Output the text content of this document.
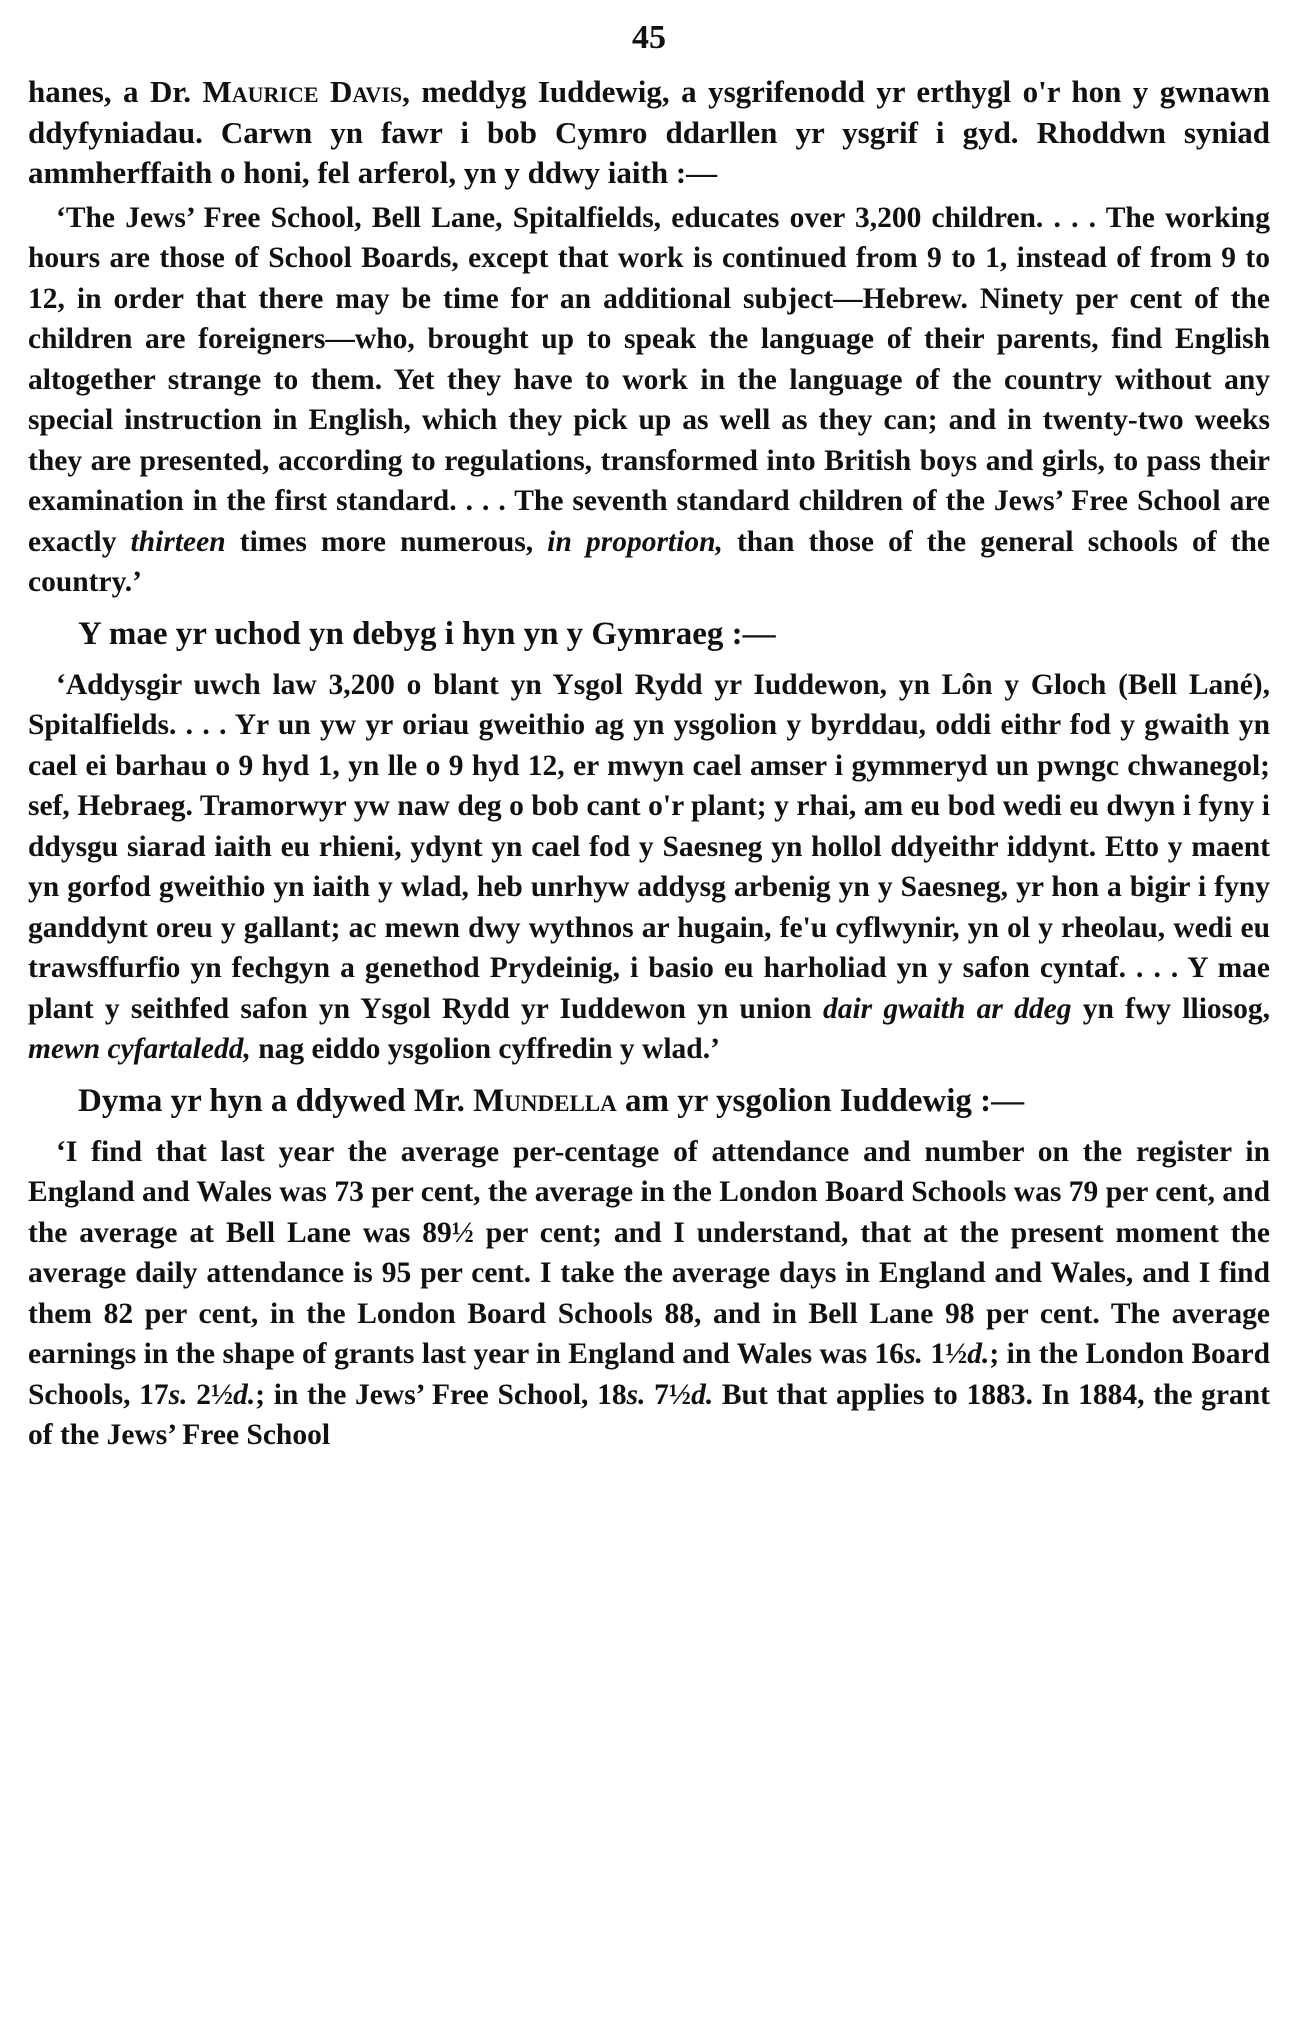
45

hanes, a Dr. Maurice Davis, meddyg Iuddewig, a ysgrifenodd yr erthygl o'r hon y gwnawn ddyfyniadau. Carwn yn fawr i bob Cymro ddarllen yr ysgrif i gyd. Rhoddwn syniad ammherffaith o honi, fel arferol, yn y ddwy iaith :—

‘The Jews’ Free School, Bell Lane, Spitalfields, educates over 3,200 children. . . . The working hours are those of School Boards, except that work is continued from 9 to 1, instead of from 9 to 12, in order that there may be time for an additional subject—Hebrew. Ninety per cent of the children are foreigners—who, brought up to speak the language of their parents, find English altogether strange to them. Yet they have to work in the language of the country without any special instruction in English, which they pick up as well as they can; and in twenty-two weeks they are presented, according to regulations, transformed into British boys and girls, to pass their examination in the first standard. . . . The seventh standard children of the Jews’ Free School are exactly thirteen times more numerous, in proportion, than those of the general schools of the country.’

Y mae yr uchod yn debyg i hyn yn y Gymraeg :—

‘Addysgir uwch law 3,200 o blant yn Ysgol Rydd yr Iuddewon, yn Lôn y Gloch (Bell Lané), Spitalfields. . . . Yr un yw yr oriau gweithio ag yn ysgolion y byrddau, oddi eithr fod y gwaith yn cael ei barhau o 9 hyd 1, yn lle o 9 hyd 12, er mwyn cael amser i gymmeryd un pwngc chwanegol; sef, Hebraeg. Tramorwyr yw naw deg o bob cant o'r plant; y rhai, am eu bod wedi eu dwyn i fyny i ddysgu siarad iaith eu rhieni, ydynt yn cael fod y Saesneg yn hollol ddyeithr iddynt. Etto y maent yn gorfod gweithio yn iaith y wlad, heb unrhyw addysg arbenig yn y Saesneg, yr hon a bigir i fyny ganddynt oreu y gallant; ac mewn dwy wythnos ar hugain, fe'u cyflwynir, yn ol y rheolau, wedi eu trawsffurfio yn fechgyn a genethod Prydeinig, i basio eu harholiad yn y safon cyntaf. . . . Y mae plant y seithfed safon yn Ysgol Rydd yr Iuddewon yn union dair gwaith ar ddeg yn fwy lliosog, mewn cyfartaledd, nag eiddo ysgolion cyffredin y wlad.’

Dyma yr hyn a ddywed Mr. Mundella am yr ysgolion Iuddewig :—

‘I find that last year the average per-centage of attendance and number on the register in England and Wales was 73 per cent, the average in the London Board Schools was 79 per cent, and the average at Bell Lane was 89½ per cent; and I understand, that at the present moment the average daily attendance is 95 per cent. I take the average days in England and Wales, and I find them 82 per cent, in the London Board Schools 88, and in Bell Lane 98 per cent. The average earnings in the shape of grants last year in England and Wales was 16s. 1½d.; in the London Board Schools, 17s. 2½d.; in the Jews’ Free School, 18s. 7½d. But that applies to 1883. In 1884, the grant of the Jews’ Free School
